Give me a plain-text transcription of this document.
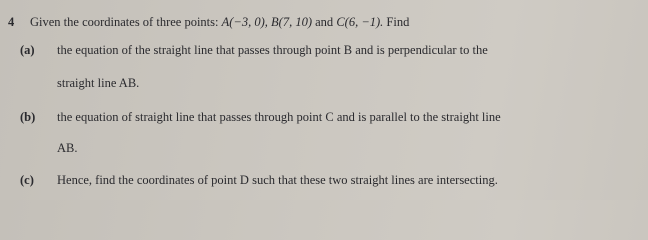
4 Given the coordinates of three points: A(−3, 0), B(7, 10) and C(6, −1). Find
(a) the equation of the straight line that passes through point B and is perpendicular to the
straight line AB.
(b) the equation of straight line that passes through point C and is parallel to the straight line
AB.
(c) Hence, find the coordinates of point D such that these two straight lines are intersecting.
